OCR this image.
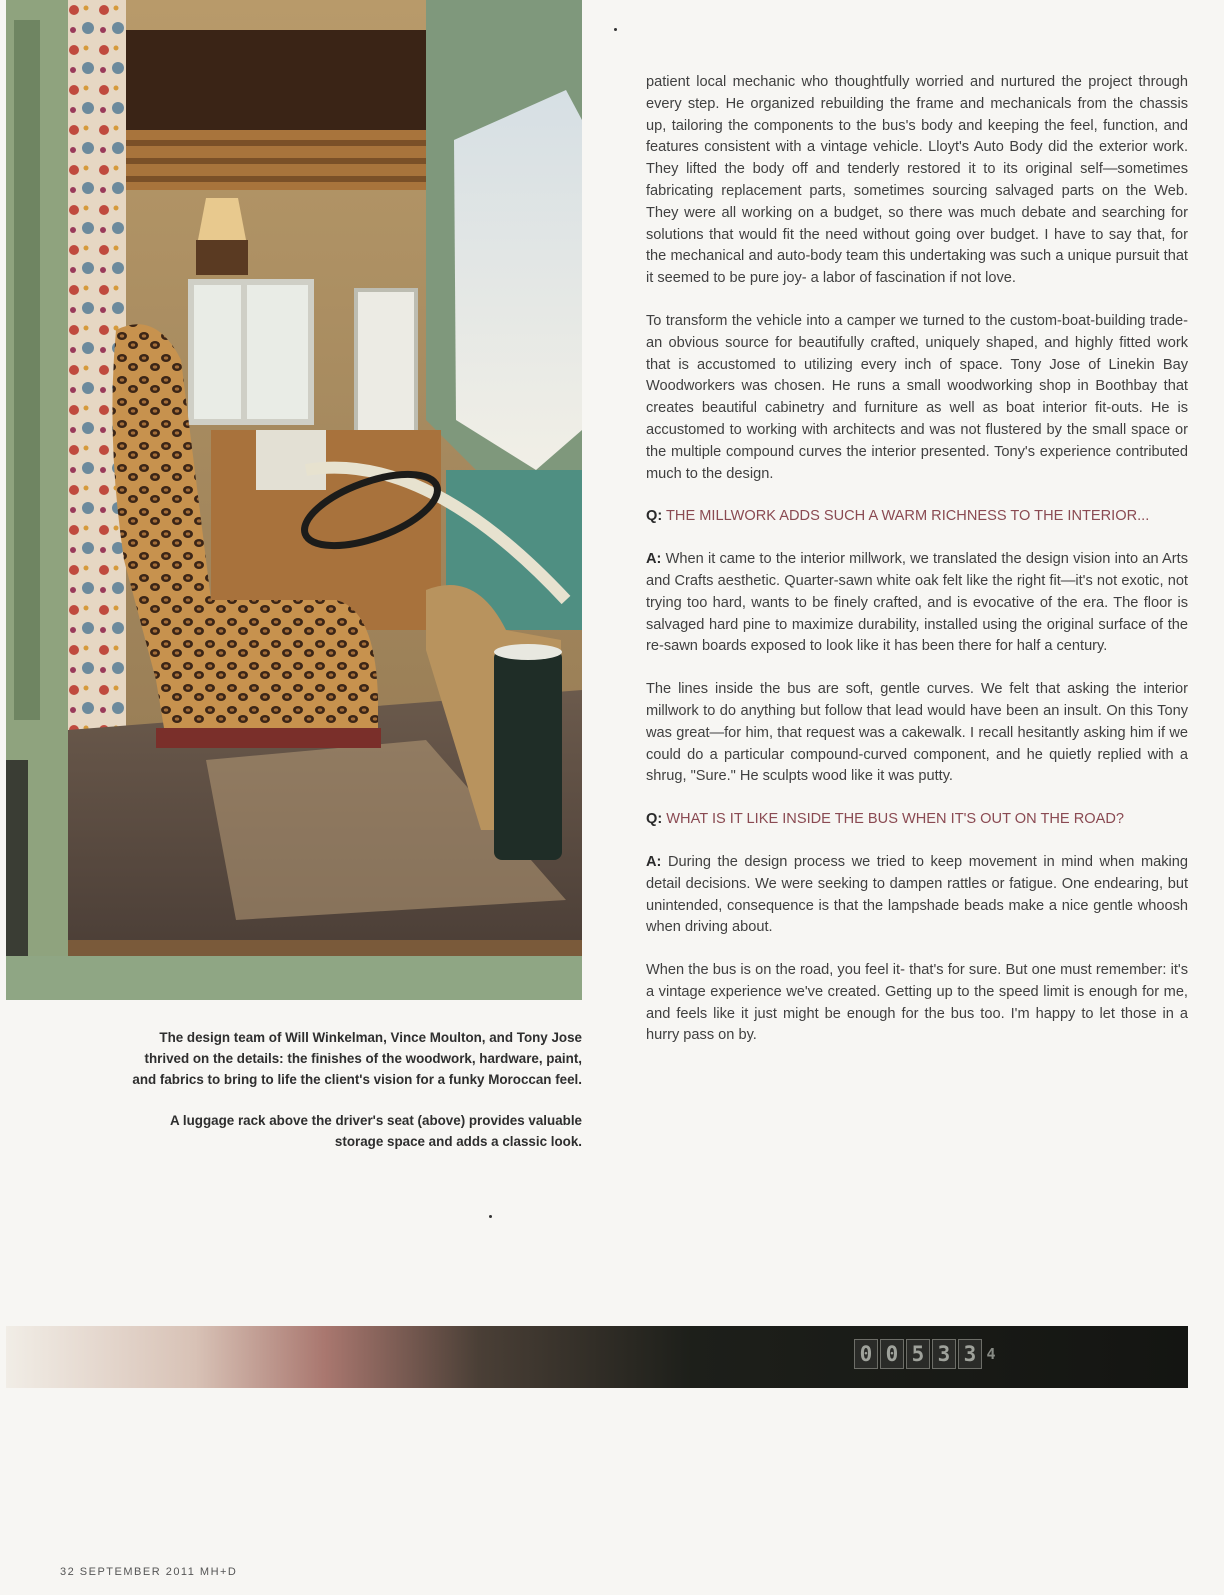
The design team of Will Winkelman, Vince Moulton, and Tony Jose thrived on the details: the finishes of the woodwork, hardware, paint, and fabrics to bring to life the client's vision for a funky Moroccan feel.

A luggage rack above the driver's seat (above) provides valuable storage space and adds a classic look.

patient local mechanic who thoughtfully worried and nurtured the project through every step. He organized rebuilding the frame and mechanicals from the chassis up, tailoring the components to the bus's body and keeping the feel, function, and features consistent with a vintage vehicle. Lloyt's Auto Body did the exterior work. They lifted the body off and tenderly restored it to its original self—sometimes fabricating replacement parts, sometimes sourcing salvaged parts on the Web. They were all working on a budget, so there was much debate and searching for solutions that would fit the need without going over budget. I have to say that, for the mechanical and auto-body team this undertaking was such a unique pursuit that it seemed to be pure joy- a labor of fascination if not love.

To transform the vehicle into a camper we turned to the custom-boat-building trade- an obvious source for beautifully crafted, uniquely shaped, and highly fitted work that is accustomed to utilizing every inch of space. Tony Jose of Linekin Bay Woodworkers was chosen. He runs a small woodworking shop in Boothbay that creates beautiful cabinetry and furniture as well as boat interior fit-outs. He is accustomed to working with architects and was not flustered by the small space or the multiple compound curves the interior presented. Tony's experience contributed much to the design.

Q: THE MILLWORK ADDS SUCH A WARM RICHNESS TO THE INTERIOR...

A: When it came to the interior millwork, we translated the design vision into an Arts and Crafts aesthetic. Quarter-sawn white oak felt like the right fit—it's not exotic, not trying too hard, wants to be finely crafted, and is evocative of the era. The floor is salvaged hard pine to maximize durability, installed using the original surface of the re-sawn boards exposed to look like it has been there for half a century.

The lines inside the bus are soft, gentle curves. We felt that asking the interior millwork to do anything but follow that lead would have been an insult. On this Tony was great—for him, that request was a cakewalk. I recall hesitantly asking him if we could do a particular compound-curved component, and he quietly replied with a shrug, "Sure." He sculpts wood like it was putty.

Q: WHAT IS IT LIKE INSIDE THE BUS WHEN IT'S OUT ON THE ROAD?

A: During the design process we tried to keep movement in mind when making detail decisions. We were seeking to dampen rattles or fatigue. One endearing, but unintended, consequence is that the lampshade beads make a nice gentle whoosh when driving about.

When the bus is on the road, you feel it- that's for sure. But one must remember: it's a vintage experience we've created. Getting up to the speed limit is enough for me, and feels like it just might be enough for the bus too. I'm happy to let those in a hurry pass on by.

0 0 5 3 3 4
32 SEPTEMBER 2011 MH+D
